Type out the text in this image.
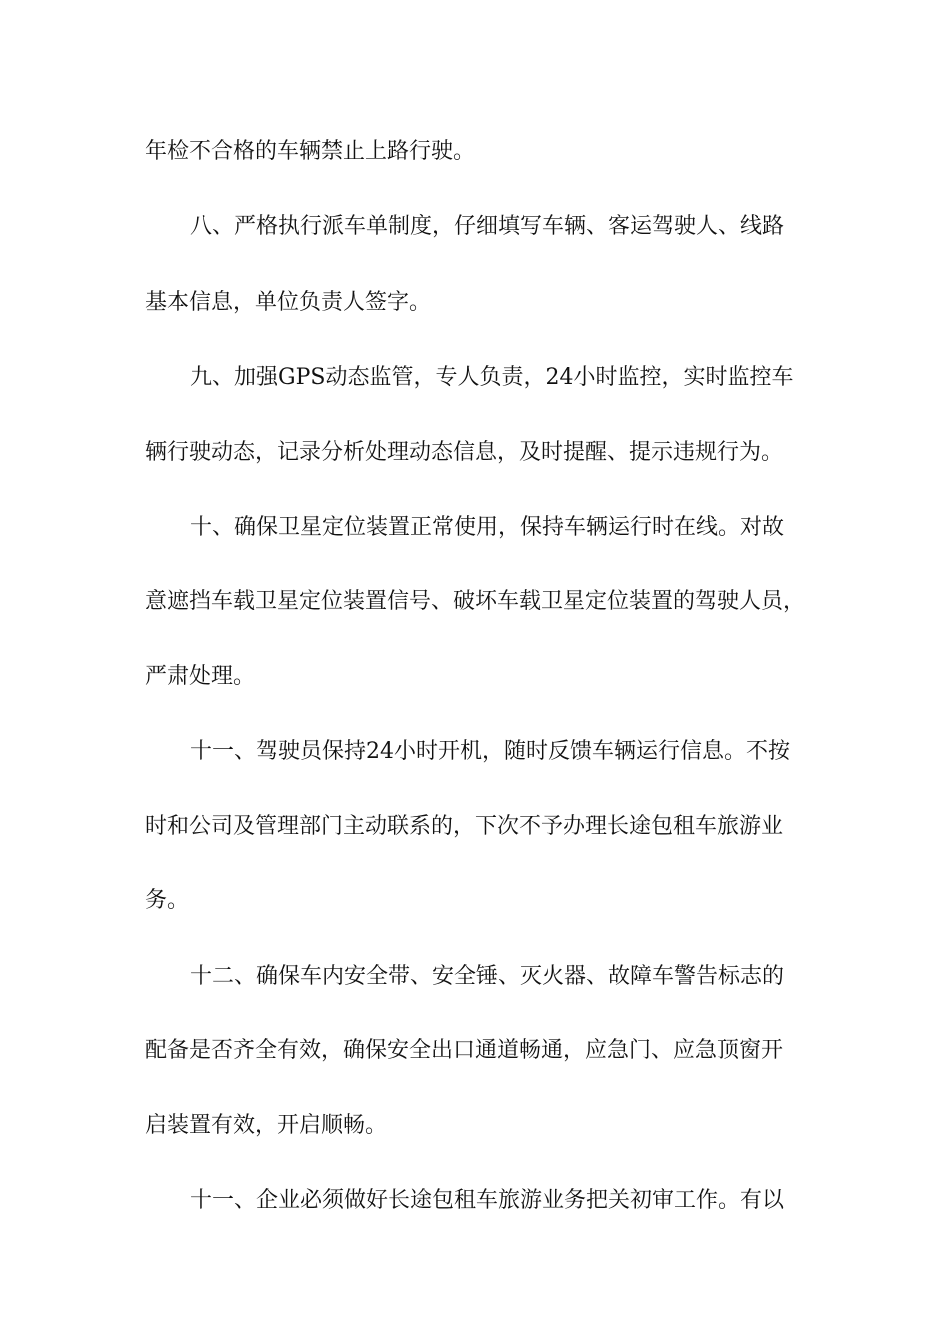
年检不合格的车辆禁止上路行驶。
八、严格执行派车单制度，仔细填写车辆、客运驾驶人、线路
基本信息，单位负责人签字。
九、加强GPS动态监管，专人负责，24小时监控，实时监控车
辆行驶动态，记录分析处理动态信息，及时提醒、提示违规行为。
十、确保卫星定位装置正常使用，保持车辆运行时在线。对故
意遮挡车载卫星定位装置信号、破坏车载卫星定位装置的驾驶人员，
严肃处理。
十一、驾驶员保持24小时开机，随时反馈车辆运行信息。不按
时和公司及管理部门主动联系的，下次不予办理长途包租车旅游业
务。
十二、确保车内安全带、安全锤、灭火器、故障车警告标志的
配备是否齐全有效，确保安全出口通道畅通，应急门、应急顶窗开
启装置有效，开启顺畅。
十一、企业必须做好长途包租车旅游业务把关初审工作。有以
